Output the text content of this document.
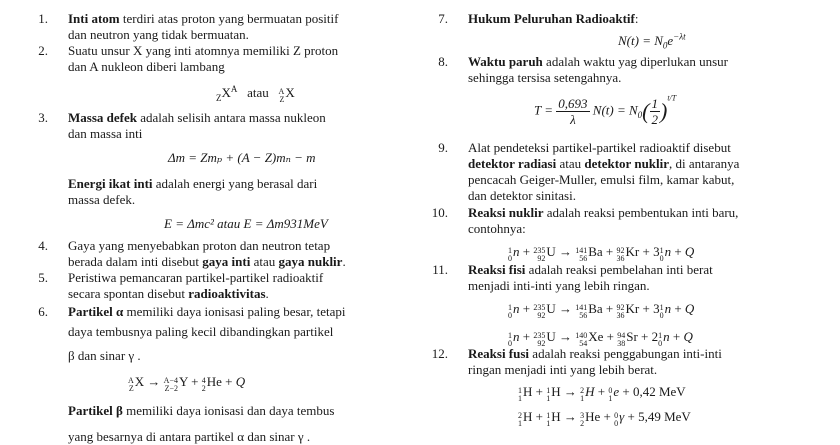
1. Inti atom terdiri atas proton yang bermuatan positif
dan neutron yang tidak bermuatan.
2. Suatu unsur X yang inti atomnya memiliki Z proton
dan A nukleon diberi lambang
$_ZX^A$ atau A
ZX
3. Massa defek adalah selisih antara massa nukleon
dan massa inti
Δm = Zmₚ + (A − Z)mₙ − m
Energi ikat inti adalah energi yang berasal dari
massa defek.
E = Δmc² atau E = Δm931MeV
4. Gaya yang menyebabkan proton dan neutron tetap
berada dalam inti disebut gaya inti atau gaya nuklir.
5. Peristiwa pemancaran partikel-partikel radioaktif
secara spontan disebut radioaktivitas.
6. Partikel α memiliki daya ionisasi paling besar, tetapi
daya tembusnya paling kecil dibandingkan partikel
β dan sinar γ .
A
ZX → A−4
Z−2Y + 4
2He + Q
Partikel β memiliki daya ionisasi dan daya tembus
yang besarnya di antara partikel α dan sinar γ .
7. Hukum Peluruhan Radioaktif:
$N(t) = N_0e^{-\lambda t}$
8. Waktu paruh adalah waktu yag diperlukan unsur
sehingga tersisa setengahnya.
$T = \frac{0,693}{\lambda} N(t) = N_0( \frac{1}{2} )^{t/T}$
9. Alat pendeteksi partikel-partikel radioaktif disebut
detektor radiasi atau detektor nuklir, di antaranya
pencacah Geiger-Muller, emulsi film, kamar kabut,
dan detektor sinitasi.
10. Reaksi nuklir adalah reaksi pembentukan inti baru,
contohnya:
1
0n + 235
92U → 141
56Ba + 92
36Kr + 31
0n + Q
11. Reaksi fisi adalah reaksi pembelahan inti berat
menjadi inti-inti yang lebih ringan.
1
0n + 235
92U → 141
56Ba + 92
36Kr + 31
0n + Q
1
0n + 235
92U → 140
54Xe + 94
38Sr + 21
0n + Q
12. Reaksi fusi adalah reaksi penggabungan inti-inti
ringan menjadi inti yang lebih berat.
1
1H + 1
1H → 2
1H + 0
1e + 0,42 MeV
2
1H + 1
1H → 3
2He + 0
0γ + 5,49 MeV
